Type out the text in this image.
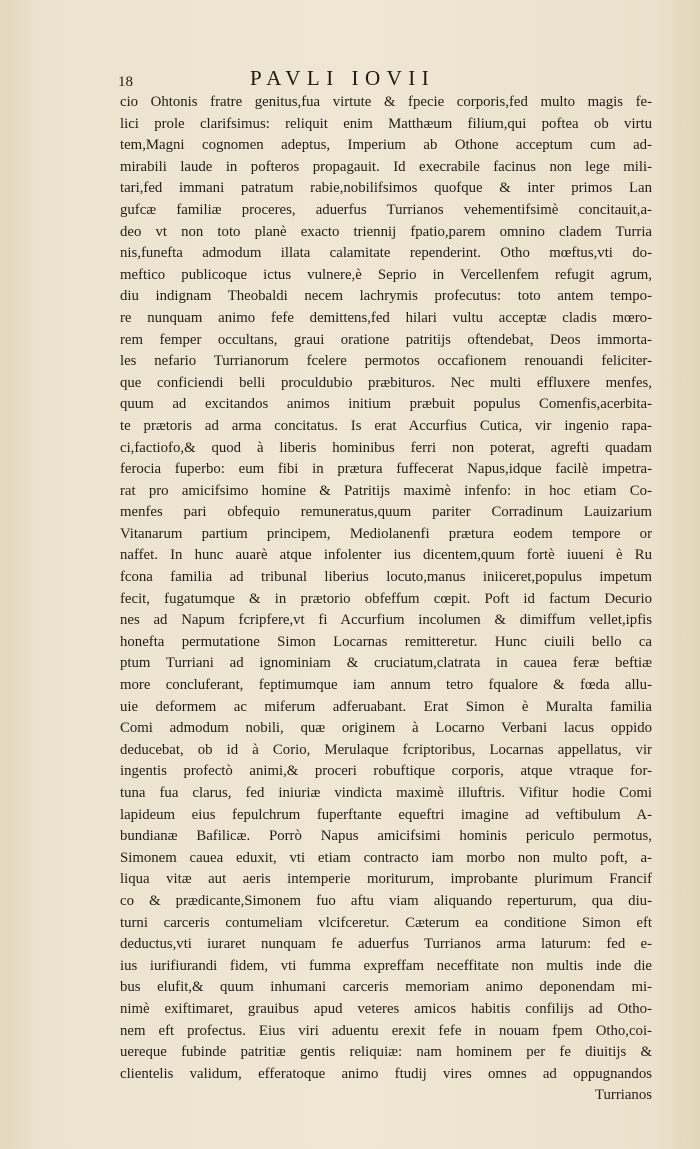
18	PAVLI IOVII
cio Ohtonis fratre genitus,fua virtute & fpecie corporis,fed multo magis fe-
lici prole clarifsimus: reliquit enim Matthæum filium,qui poftea ob virtu
tem,Magni cognomen adeptus, Imperium ab Othone acceptum cum ad-
mirabili laude in pofteros propagauit. Id execrabile facinus non lege mili-
tari,fed immani patratum rabie,nobilifsimos quofque & inter primos Lan
gufcæ familiæ proceres, aduerfus Turrianos vehementifsimè concitauit,a-
deo vt non toto planè exacto triennij fpatio,parem omnino cladem Turria
nis,funefta admodum illata calamitate rependerint. Otho mœftus,vti do-
meftico publicoque ictus vulnere,è Seprio in Vercellenfem refugit agrum,
diu indignam Theobaldi necem lachrymis profecutus: toto antem tempo-
re nunquam animo fefe demittens,fed hilari vultu acceptæ cladis mœro-
rem femper occultans, graui oratione patritijs oftendebat, Deos immorta-
les nefario Turrianorum fcelere permotos occafionem renouandi feliciter-
que conficiendi belli proculdubio præbituros. Nec multi effluxere menfes,
quum ad excitandos animos initium præbuit populus Comenfis,acerbita-
te prætoris ad arma concitatus. Is erat Accurfius Cutica, vir ingenio rapa-
ci,factiofo,& quod à liberis hominibus ferri non poterat, agrefti quadam
ferocia fuperbo: eum fibi in prætura fuffecerat Napus,idque facilè impetra-
rat pro amicifsimo homine & Patritijs maximè infenfo: in hoc etiam Co-
menfes pari obfequio remuneratus,quum pariter Corradinum Lauizarium
Vitanarum partium principem, Mediolanenfi prætura eodem tempore or
naffet. In hunc auarè atque infolenter ius dicentem,quum fortè iuueni è Ru
fcona familia ad tribunal liberius locuto,manus iniiceret,populus impetum
fecit, fugatumque & in prætorio obfeffum cœpit. Poft id factum Decurio
nes ad Napum fcripfere,vt fi Accurfium incolumen & dimiffum vellet,ipfis
honefta permutatione Simon Locarnas remitteretur. Hunc ciuili bello ca
ptum Turriani ad ignominiam & cruciatum,clatrata in cauea feræ beftiæ
more concluferant, feptimumque iam annum tetro fqualore & fœda allu-
uie deformem ac miferum adferuabant. Erat Simon è Muralta familia
Comi admodum nobili, quæ originem à Locarno Verbani lacus oppido
deducebat, ob id à Corio, Merulaque fcriptoribus, Locarnas appellatus, vir
ingentis profectò animi,& proceri robuftique corporis, atque vtraque for-
tuna fua clarus, fed iniuriæ vindicta maximè illuftris. Vifitur hodie Comi
lapideum eius fepulchrum fuperftante equeftri imagine ad veftibulum A-
bundianæ Bafilicæ. Porrò Napus amicifsimi hominis periculo permotus,
Simonem cauea eduxit, vti etiam contracto iam morbo non multo poft, a-
liqua vitæ aut aeris intemperie moriturum, improbante plurimum Francif
co & prædicante,Simonem fuo aftu viam aliquando reperturum, qua diu-
turni carceris contumeliam vlcifceretur. Cæterum ea conditione Simon eft
deductus,vti iuraret nunquam fe aduerfus Turrianos arma laturum: fed e-
ius iurifiurandi fidem, vti fumma expreffam neceffitate non multis inde die
bus elufit,& quum inhumani carceris memoriam animo deponendam mi-
nimè exiftimaret, grauibus apud veteres amicos habitis confilijs ad Otho-
nem eft profectus. Eius viri aduentu erexit fefe in nouam fpem Otho,coi-
uereque fubinde patritiæ gentis reliquiæ: nam hominem per fe diuitijs &
clientelis validum, efferatoque animo ftudij vires omnes ad oppugnandos
Turrianos
